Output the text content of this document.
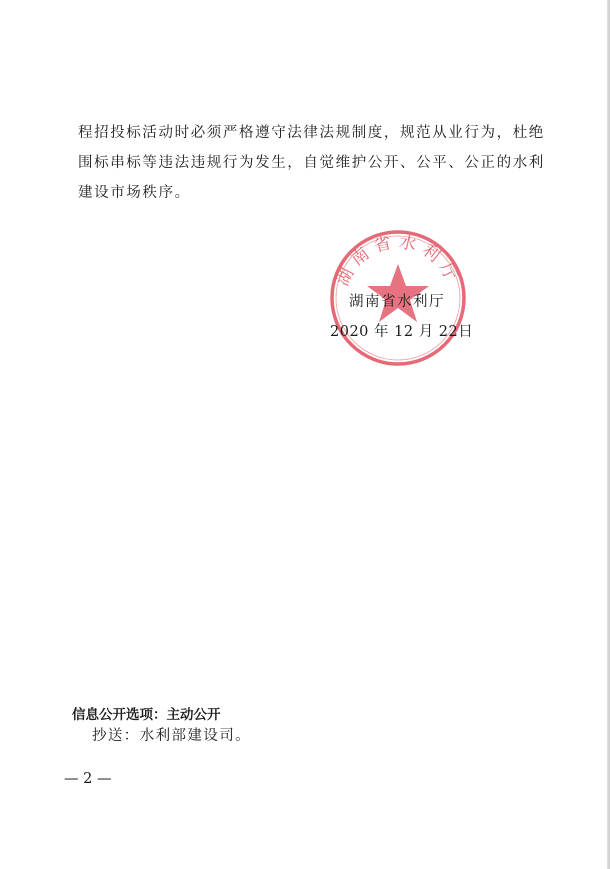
程招投标活动时必须严格遵守法律法规制度，规范从业行为，杜绝
围标串标等违法违规行为发生，自觉维护公开、公平、公正的水利
建设市场秩序。
湖南省水利厅

湖南省水利厅

2020 年 12 月 22日

信息公开选项：主动公开

抄送：水利部建设司。

— 2 —
